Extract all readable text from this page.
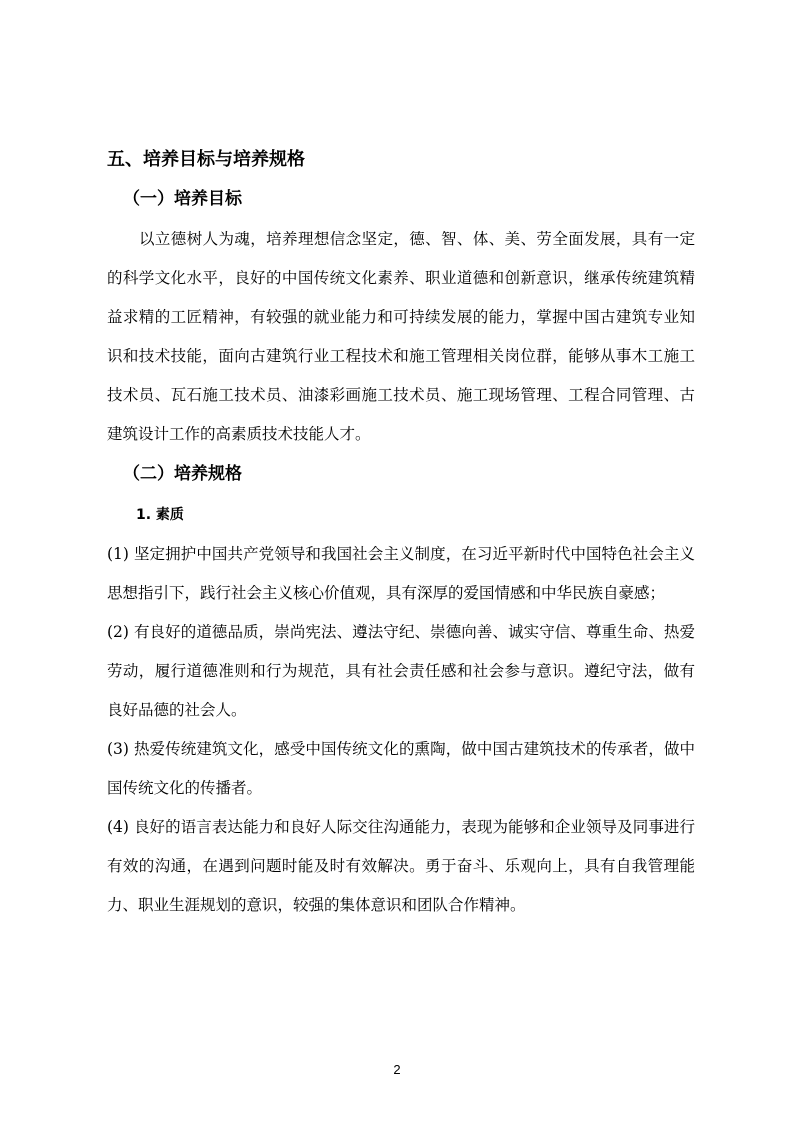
五、培养目标与培养规格
（一）培养目标

以立德树人为魂，培养理想信念坚定，德、智、体、美、劳全面发展，具有一定的科学文化水平，良好的中国传统文化素养、职业道德和创新意识，继承传统建筑精益求精的工匠精神，有较强的就业能力和可持续发展的能力，掌握中国古建筑专业知识和技术技能，面向古建筑行业工程技术和施工管理相关岗位群，能够从事木工施工技术员、瓦石施工技术员、油漆彩画施工技术员、施工现场管理、工程合同管理、古建筑设计工作的高素质技术技能人才。

（二）培养规格
1. 素质

(1) 坚定拥护中国共产党领导和我国社会主义制度，在习近平新时代中国特色社会主义思想指引下，践行社会主义核心价值观，具有深厚的爱国情感和中华民族自豪感；

(2) 有良好的道德品质，崇尚宪法、遵法守纪、崇德向善、诚实守信、尊重生命、热爱劳动，履行道德准则和行为规范，具有社会责任感和社会参与意识。遵纪守法，做有良好品德的社会人。

(3) 热爱传统建筑文化，感受中国传统文化的熏陶，做中国古建筑技术的传承者，做中国传统文化的传播者。

(4) 良好的语言表达能力和良好人际交往沟通能力，表现为能够和企业领导及同事进行有效的沟通，在遇到问题时能及时有效解决。勇于奋斗、乐观向上，具有自我管理能力、职业生涯规划的意识，较强的集体意识和团队合作精神。

2
